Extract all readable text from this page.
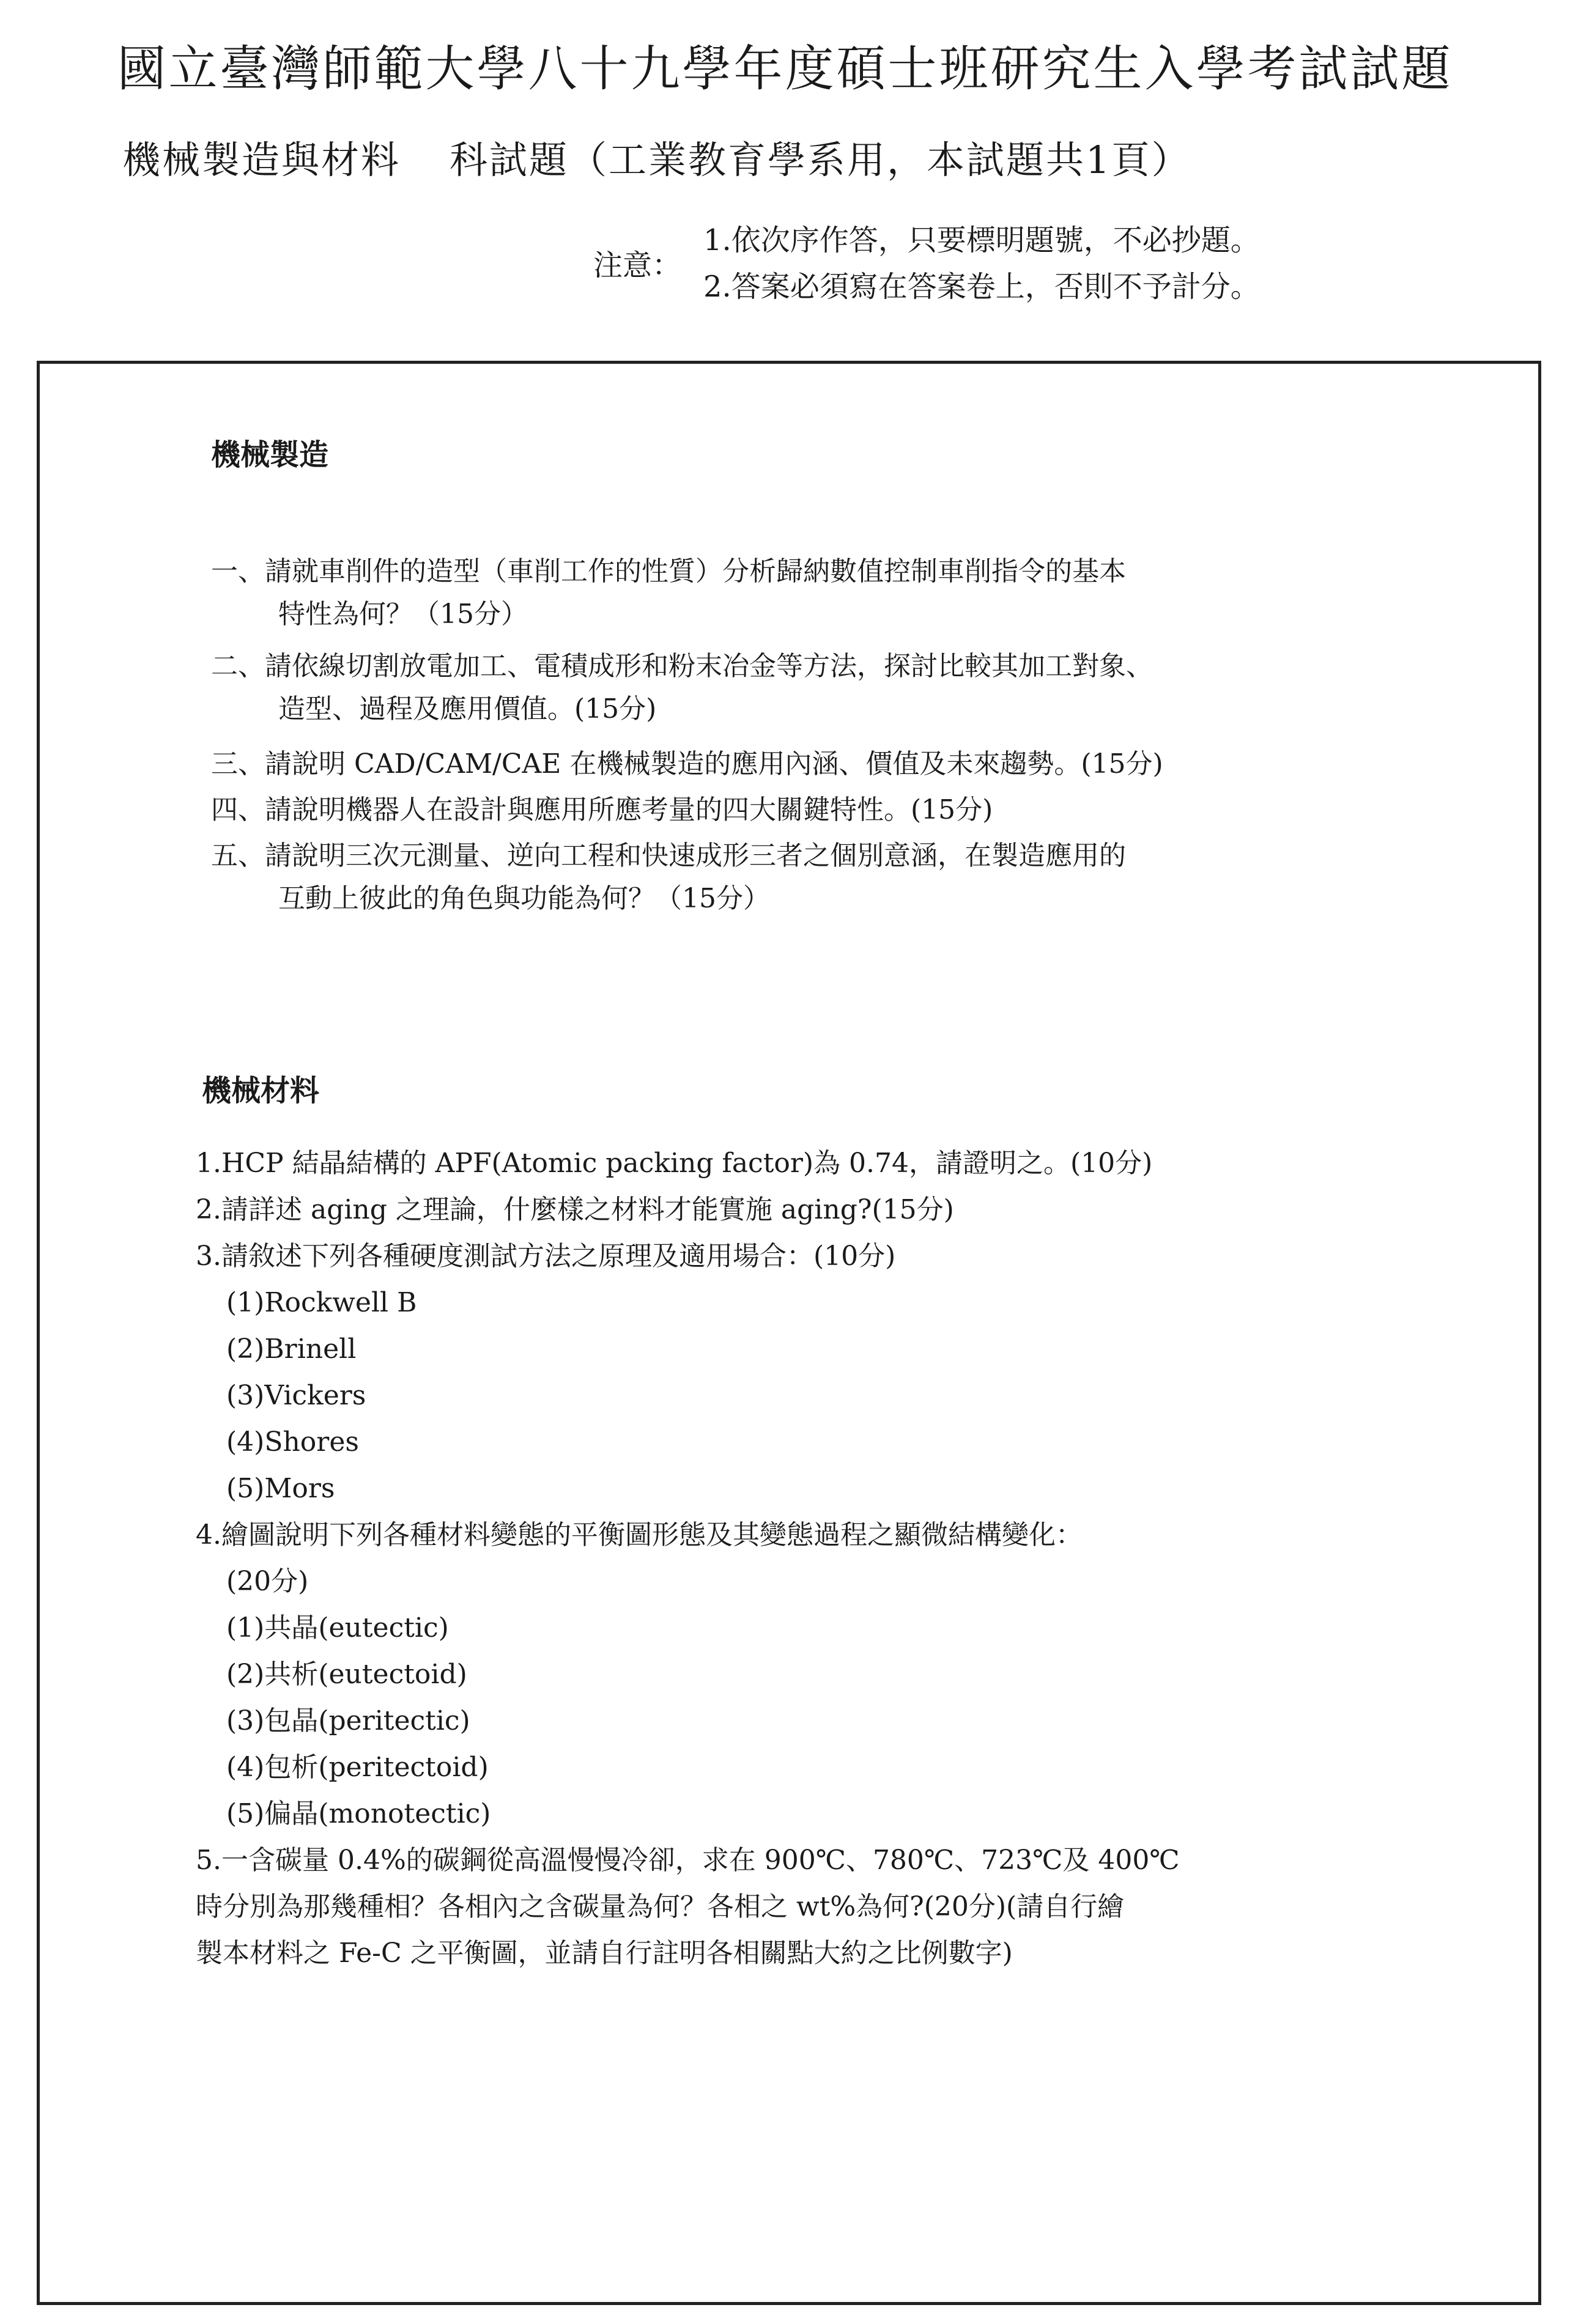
國立臺灣師範大學八十九學年度碩士班研究生入學考試試題
機械製造與材料 科試題（工業教育學系用，本試題共1頁）
注意：
1.依次序作答，只要標明題號，不必抄題。
2.答案必須寫在答案卷上，否則不予計分。
機械製造
一、請就車削件的造型（車削工作的性質）分析歸納數值控制車削指令的基本
特性為何？（15分）
二、請依線切割放電加工、電積成形和粉末冶金等方法，探討比較其加工對象、
造型、過程及應用價值。(15分)
三、請說明 CAD/CAM/CAE 在機械製造的應用內涵、價值及未來趨勢。(15分)
四、請說明機器人在設計與應用所應考量的四大關鍵特性。(15分)
五、請說明三次元測量、逆向工程和快速成形三者之個別意涵，在製造應用的
互動上彼此的角色與功能為何？（15分）
機械材料
1.HCP 結晶結構的 APF(Atomic packing factor)為 0.74，請證明之。(10分)
2.請詳述 aging 之理論，什麼樣之材料才能實施 aging?(15分)
3.請敘述下列各種硬度測試方法之原理及適用場合：(10分)
(1)Rockwell B
(2)Brinell
(3)Vickers
(4)Shores
(5)Mors
4.繪圖說明下列各種材料變態的平衡圖形態及其變態過程之顯微結構變化：
(20分)
(1)共晶(eutectic)
(2)共析(eutectoid)
(3)包晶(peritectic)
(4)包析(peritectoid)
(5)偏晶(monotectic)
5.一含碳量 0.4%的碳鋼從高溫慢慢冷卻，求在 900℃、780℃、723℃及 400℃
時分別為那幾種相？各相內之含碳量為何？各相之 wt%為何?(20分)(請自行繪
製本材料之 Fe-C 之平衡圖，並請自行註明各相關點大約之比例數字)
